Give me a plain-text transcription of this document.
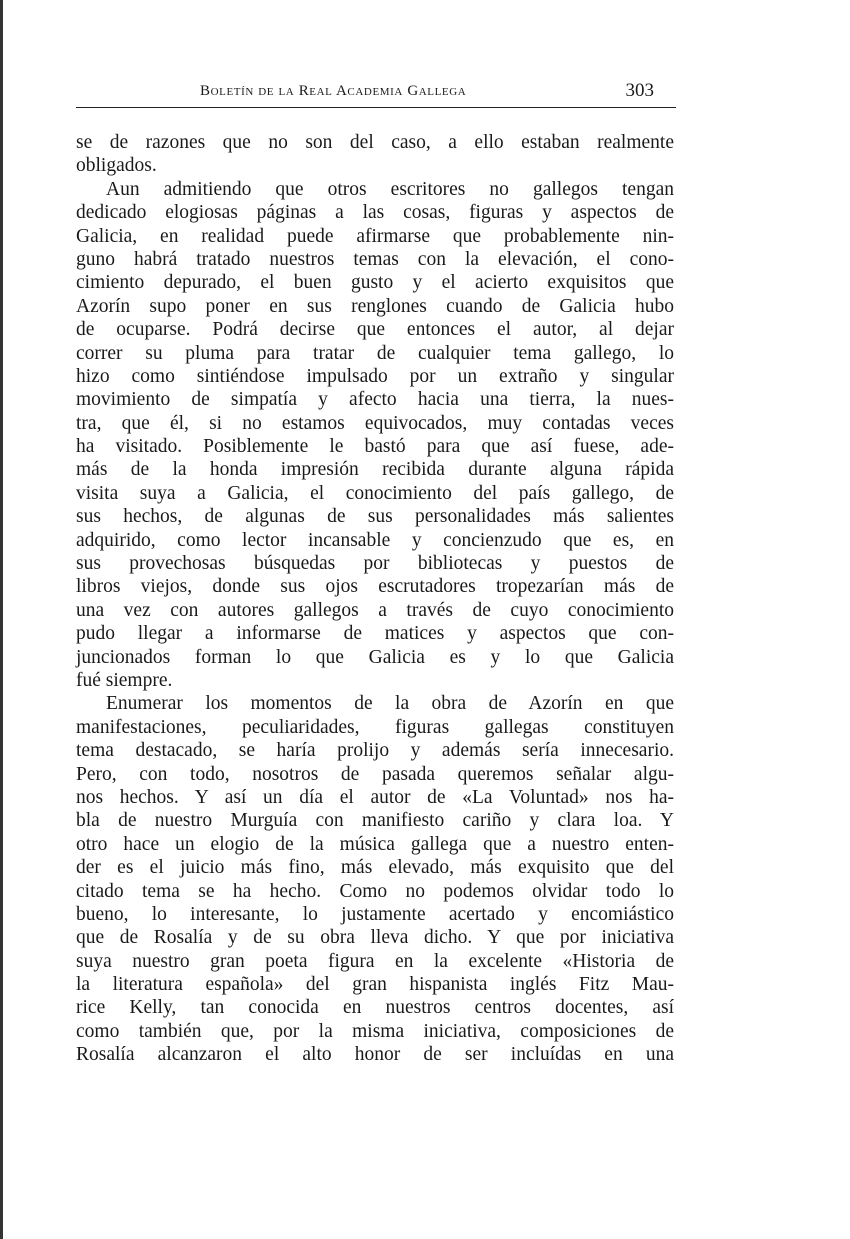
Boletín de la Real Academia Gallega	303
se de razones que no son del caso, a ello estaban realmente
obligados.
Aun admitiendo que otros escritores no gallegos tengan
dedicado elogiosas páginas a las cosas, figuras y aspectos de
Galicia, en realidad puede afirmarse que probablemente nin-
guno habrá tratado nuestros temas con la elevación, el cono-
cimiento depurado, el buen gusto y el acierto exquisitos que
Azorín supo poner en sus renglones cuando de Galicia hubo
de ocuparse. Podrá decirse que entonces el autor, al dejar
correr su pluma para tratar de cualquier tema gallego, lo
hizo como sintiéndose impulsado por un extraño y singular
movimiento de simpatía y afecto hacia una tierra, la nues-
tra, que él, si no estamos equivocados, muy contadas veces
ha visitado. Posiblemente le bastó para que así fuese, ade-
más de la honda impresión recibida durante alguna rápida
visita suya a Galicia, el conocimiento del país gallego, de
sus hechos, de algunas de sus personalidades más salientes
adquirido, como lector incansable y concienzudo que es, en
sus provechosas búsquedas por bibliotecas y puestos de
libros viejos, donde sus ojos escrutadores tropezarían más de
una vez con autores gallegos a través de cuyo conocimiento
pudo llegar a informarse de matices y aspectos que con-
juncionados forman lo que Galicia es y lo que Galicia
fué siempre.
Enumerar los momentos de la obra de Azorín en que
manifestaciones, peculiaridades, figuras gallegas constituyen
tema destacado, se haría prolijo y además sería innecesario.
Pero, con todo, nosotros de pasada queremos señalar algu-
nos hechos. Y así un día el autor de «La Voluntad» nos ha-
bla de nuestro Murguía con manifiesto cariño y clara loa. Y
otro hace un elogio de la música gallega que a nuestro enten-
der es el juicio más fino, más elevado, más exquisito que del
citado tema se ha hecho. Como no podemos olvidar todo lo
bueno, lo interesante, lo justamente acertado y encomiástico
que de Rosalía y de su obra lleva dicho. Y que por iniciativa
suya nuestro gran poeta figura en la excelente «Historia de
la literatura española» del gran hispanista inglés Fitz Mau-
rice Kelly, tan conocida en nuestros centros docentes, así
como también que, por la misma iniciativa, composiciones de
Rosalía alcanzaron el alto honor de ser incluídas en una
